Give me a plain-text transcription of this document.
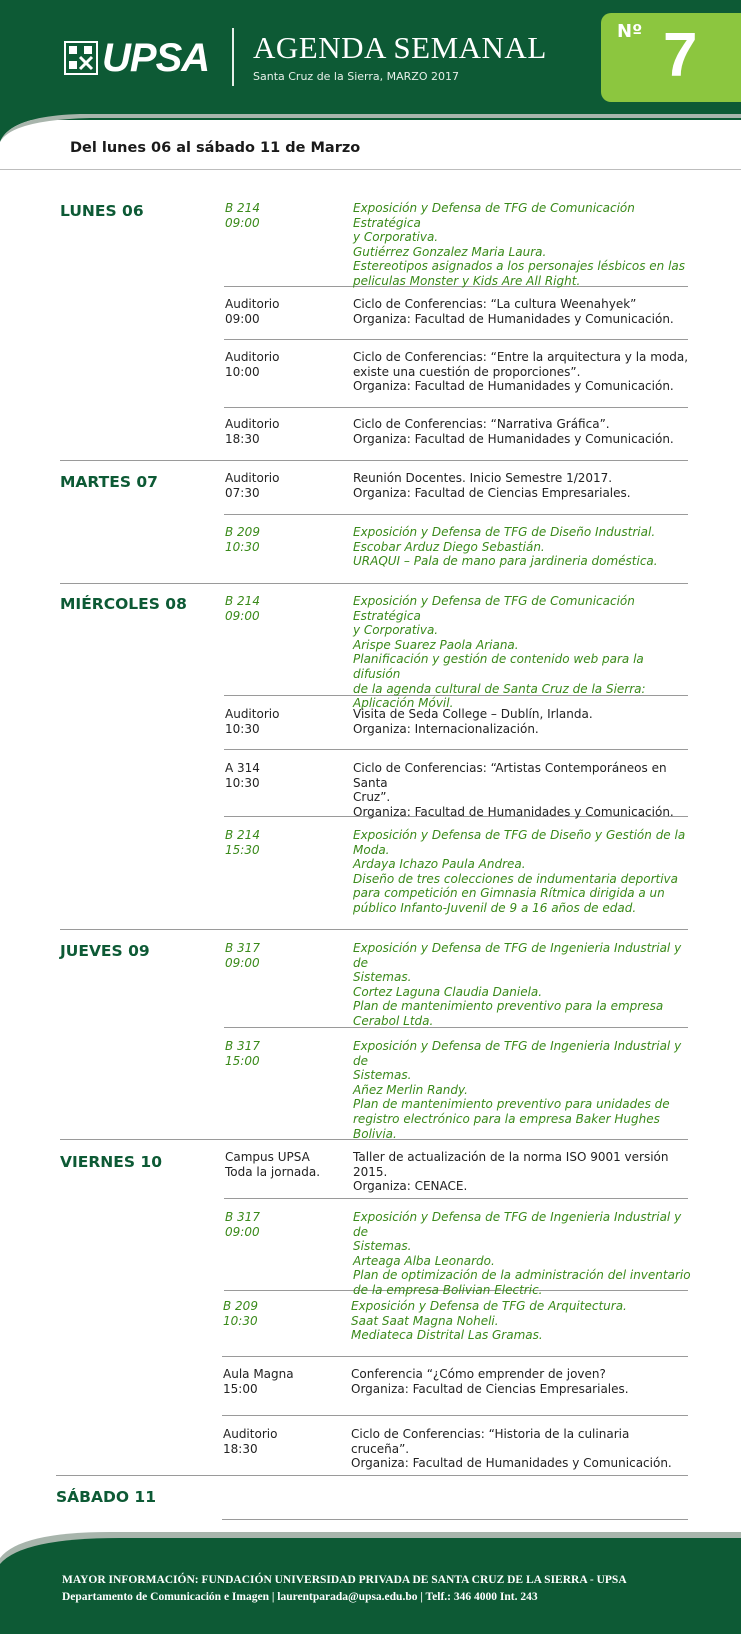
UPSA AGENDA SEMANAL
Santa Cruz de la Sierra, MARZO 2017
Nº 7
Del lunes 06 al sábado 11 de Marzo
LUNES 06
MARTES 07
MIÉRCOLES 08
JUEVES 09
VIERNES 10
SÁBADO 11
B 214
09:00
Exposición y Defensa de TFG de Comunicación Estratégica
y Corporativa.
Gutiérrez Gonzalez Maria Laura.
Estereotipos asignados a los personajes lésbicos en las
peliculas Monster y Kids Are All Right.
Auditorio
09:00
Ciclo de Conferencias: “La cultura Weenahyek”
Organiza: Facultad de Humanidades y Comunicación.
Auditorio
10:00
Ciclo de Conferencias: “Entre la arquitectura y la moda,
existe una cuestión de proporciones”.
Organiza: Facultad de Humanidades y Comunicación.
Auditorio
18:30
Ciclo de Conferencias: “Narrativa Gráfica”.
Organiza: Facultad de Humanidades y Comunicación.
Auditorio
07:30
Reunión Docentes. Inicio Semestre 1/2017.
Organiza: Facultad de Ciencias Empresariales.
B 209
10:30
Exposición y Defensa de TFG de Diseño Industrial.
Escobar Arduz Diego Sebastián.
URAQUI – Pala de mano para jardineria doméstica.
B 214
09:00
Exposición y Defensa de TFG de Comunicación Estratégica
y Corporativa.
Arispe Suarez Paola Ariana.
Planificación y gestión de contenido web para la difusión
de la agenda cultural de Santa Cruz de la Sierra:
Aplicación Móvil.
Auditorio
10:30
Visita de Seda College – Dublín, Irlanda.
Organiza: Internacionalización.
A 314
10:30
Ciclo de Conferencias: “Artistas Contemporáneos en Santa
Cruz”.
Organiza: Facultad de Humanidades y Comunicación.
B 214
15:30
Exposición y Defensa de TFG de Diseño y Gestión de la
Moda.
Ardaya Ichazo Paula Andrea.
Diseño de tres colecciones de indumentaria deportiva
para competición en Gimnasia Rítmica dirigida a un
público Infanto-Juvenil de 9 a 16 años de edad.
B 317
09:00
Exposición y Defensa de TFG de Ingenieria Industrial y de
Sistemas.
Cortez Laguna Claudia Daniela.
Plan de mantenimiento preventivo para la empresa
Cerabol Ltda.
B 317
15:00
Exposición y Defensa de TFG de Ingenieria Industrial y de
Sistemas.
Añez Merlin Randy.
Plan de mantenimiento preventivo para unidades de
registro electrónico para la empresa Baker Hughes
Bolivia.
Campus UPSA
Toda la jornada.
Taller de actualización de la norma ISO 9001 versión 2015.
Organiza: CENACE.
B 317
09:00
Exposición y Defensa de TFG de Ingenieria Industrial y de
Sistemas.
Arteaga Alba Leonardo.
Plan de optimización de la administración del inventario
de la empresa Bolivian Electric.
B 209
10:30
Exposición y Defensa de TFG de Arquitectura.
Saat Saat Magna Noheli.
Mediateca Distrital Las Gramas.
Aula Magna
15:00
Conferencia “¿Cómo emprender de joven?
Organiza: Facultad de Ciencias Empresariales.
Auditorio
18:30
Ciclo de Conferencias: “Historia de la culinaria cruceña”.
Organiza: Facultad de Humanidades y Comunicación.
MAYOR INFORMACIÓN: FUNDACIÓN UNIVERSIDAD PRIVADA DE SANTA CRUZ DE LA SIERRA - UPSA
Departamento de Comunicación e Imagen | laurentparada@upsa.edu.bo | Telf.: 346 4000 Int. 243
